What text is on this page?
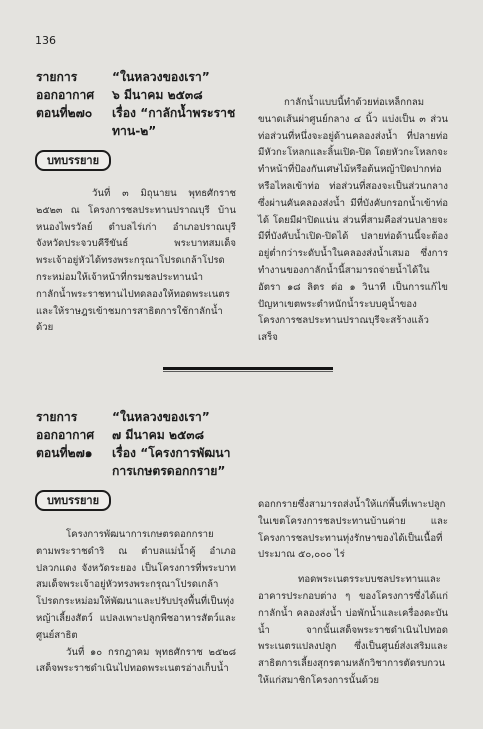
136
รายการ	“ในหลวงของเรา”
ออกอากาศ	๖ มีนาคม ๒๕๓๘
ตอนที่๒๗๐	เรื่อง “กาลักน้ำพระราช
ทาน-๒”
บทบรรยาย

วันที่ ๓ มิถุนายน พุทธศักราช ๒๕๒๓ ณ โครงการชลประทานปราณบุรี บ้านหนองไพรวัลย์ ตำบลไร่เก่า อำเภอปราณบุรี จังหวัดประจวบคีรีขันธ์ พระบาทสมเด็จพระเจ้าอยู่หัวได้ทรงพระกรุณาโปรดเกล้าโปรดกระหม่อมให้เจ้าหน้าที่กรมชลประทานนำกาลักน้ำพระราชทานไปทดลองให้ทอดพระเนตร และให้ราษฎรเข้าชมการสาธิตการใช้กาลักน้ำด้วย

กาลักน้ำแบบนี้ทำด้วยท่อเหล็กกลมขนาดเส้นผ่าศูนย์กลาง ๔ นิ้ว แบ่งเป็น ๓ ส่วน ท่อส่วนที่หนึ่งจะอยู่ด้านคลองส่งน้ำ ที่ปลายท่อมีหัวกะโหลกและลิ้นเปิด-ปิด โดยหัวกะโหลกจะทำหน้าที่ป้องกันเศษไม้หรือต้นหญ้าปิดปากท่อหรือไหลเข้าท่อ ท่อส่วนที่สองจะเป็นส่วนกลางซึ่งผ่านคันคลองส่งน้ำ มีที่บังคับกรอกน้ำเข้าท่อได้ โดยมีฝาปิดแน่น ส่วนที่สามคือส่วนปลายจะมีที่บังคับน้ำเปิด-ปิดได้ ปลายท่อด้านนี้จะต้องอยู่ต่ำกว่าระดับน้ำในคลองส่งน้ำเสมอ ซึ่งการทำงานของกาลักน้ำนี้สามารถจ่ายน้ำได้ในอัตรา ๑๘ ลิตร ต่อ ๑ วินาที เป็นการแก้ไขปัญหาเขตพระตำหนักน้ำระบบคูน้ำของโครงการชลประทานปราณบุรีจะสร้างแล้วเสร็จ

รายการ	“ในหลวงของเรา”
ออกอากาศ	๗ มีนาคม ๒๕๓๘
ตอนที่๒๗๑	เรื่อง “โครงการพัฒนา
การเกษตรดอกกราย”
บทบรรยาย

โครงการพัฒนาการเกษตรดอกกราย ตามพระราชดำริ ณ ตำบลแม่น้ำคู้ อำเภอปลวกแดง จังหวัดระยอง เป็นโครงการที่พระบาทสมเด็จพระเจ้าอยู่หัวทรงพระกรุณาโปรดเกล้าโปรดกระหม่อมให้พัฒนาและปรับปรุงพื้นที่เป็นทุ่งหญ้าเลี้ยงสัตว์ แปลงเพาะปลูกพืชอาหารสัตว์และศูนย์สาธิต

วันที่ ๑๐ กรกฎาคม พุทธศักราช ๒๕๒๘ เสด็จพระราชดำเนินไปทอดพระเนตรอ่างเก็บน้ำ

ดอกกรายซึ่งสามารถส่งน้ำให้แก่พื้นที่เพาะปลูกในเขตโครงการชลประทานบ้านค่าย และโครงการชลประทานทุ่งรักษาของได้เป็นเนื้อที่ประมาณ ๕๐,๐๐๐ ไร่

ทอดพระเนตรระบบชลประทานและอาคารประกอบต่าง ๆ ของโครงการซึ่งได้แก่ กาลักน้ำ คลองส่งน้ำ บ่อพักน้ำและเครื่องดะบันน้ำ จากนั้นเสด็จพระราชดำเนินไปทอดพระเนตรแปลงปลูก ซึ่งเป็นศูนย์ส่งเสริมและสาธิตการเลี้ยงสุกรตามหลักวิชาการตัดรบกวนให้แก่สมาชิกโครงการนั้นด้วย
